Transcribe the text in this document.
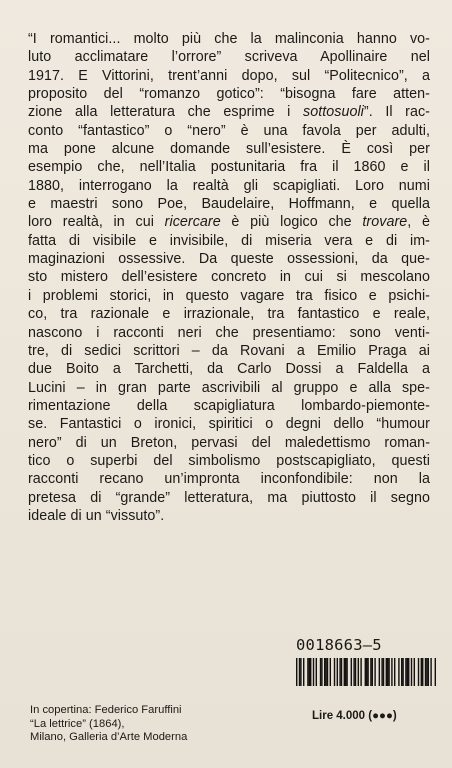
“I romantici... molto più che la malinconia hanno vo-
luto acclimatare l’orrore” scriveva Apollinaire nel
1917. E Vittorini, trent’anni dopo, sul “Politecnico”, a
proposito del “romanzo gotico”: “bisogna fare atten-
zione alla letteratura che esprime i sottosuoli”. Il rac-
conto “fantastico” o “nero” è una favola per adulti,
ma pone alcune domande sull’esistere. È così per
esempio che, nell’Italia postunitaria fra il 1860 e il
1880, interrogano la realtà gli scapigliati. Loro numi
e maestri sono Poe, Baudelaire, Hoffmann, e quella
loro realtà, in cui ricercare è più logico che trovare, è
fatta di visibile e invisibile, di miseria vera e di im-
maginazioni ossessive. Da queste ossessioni, da que-
sto mistero dell’esistere concreto in cui si mescolano
i problemi storici, in questo vagare tra fisico e psichi-
co, tra razionale e irrazionale, tra fantastico e reale,
nascono i racconti neri che presentiamo: sono venti-
tre, di sedici scrittori – da Rovani a Emilio Praga ai
due Boito a Tarchetti, da Carlo Dossi a Faldella a
Lucini – in gran parte ascrivibili al gruppo e alla spe-
rimentazione della scapigliatura lombardo-piemonte-
se. Fantastici o ironici, spiritici o degni dello “humour
nero” di un Breton, pervasi del maledettismo roman-
tico o superbi del simbolismo postscapigliato, questi
racconti recano un’impronta inconfondibile: non la
pretesa di “grande” letteratura, ma piuttosto il segno
ideale di un “vissuto”.
0018663–5
In copertina: Federico Faruffini
“La lettrice” (1864),
Milano, Galleria d’Arte Moderna
Lire 4.000 (●●●)
